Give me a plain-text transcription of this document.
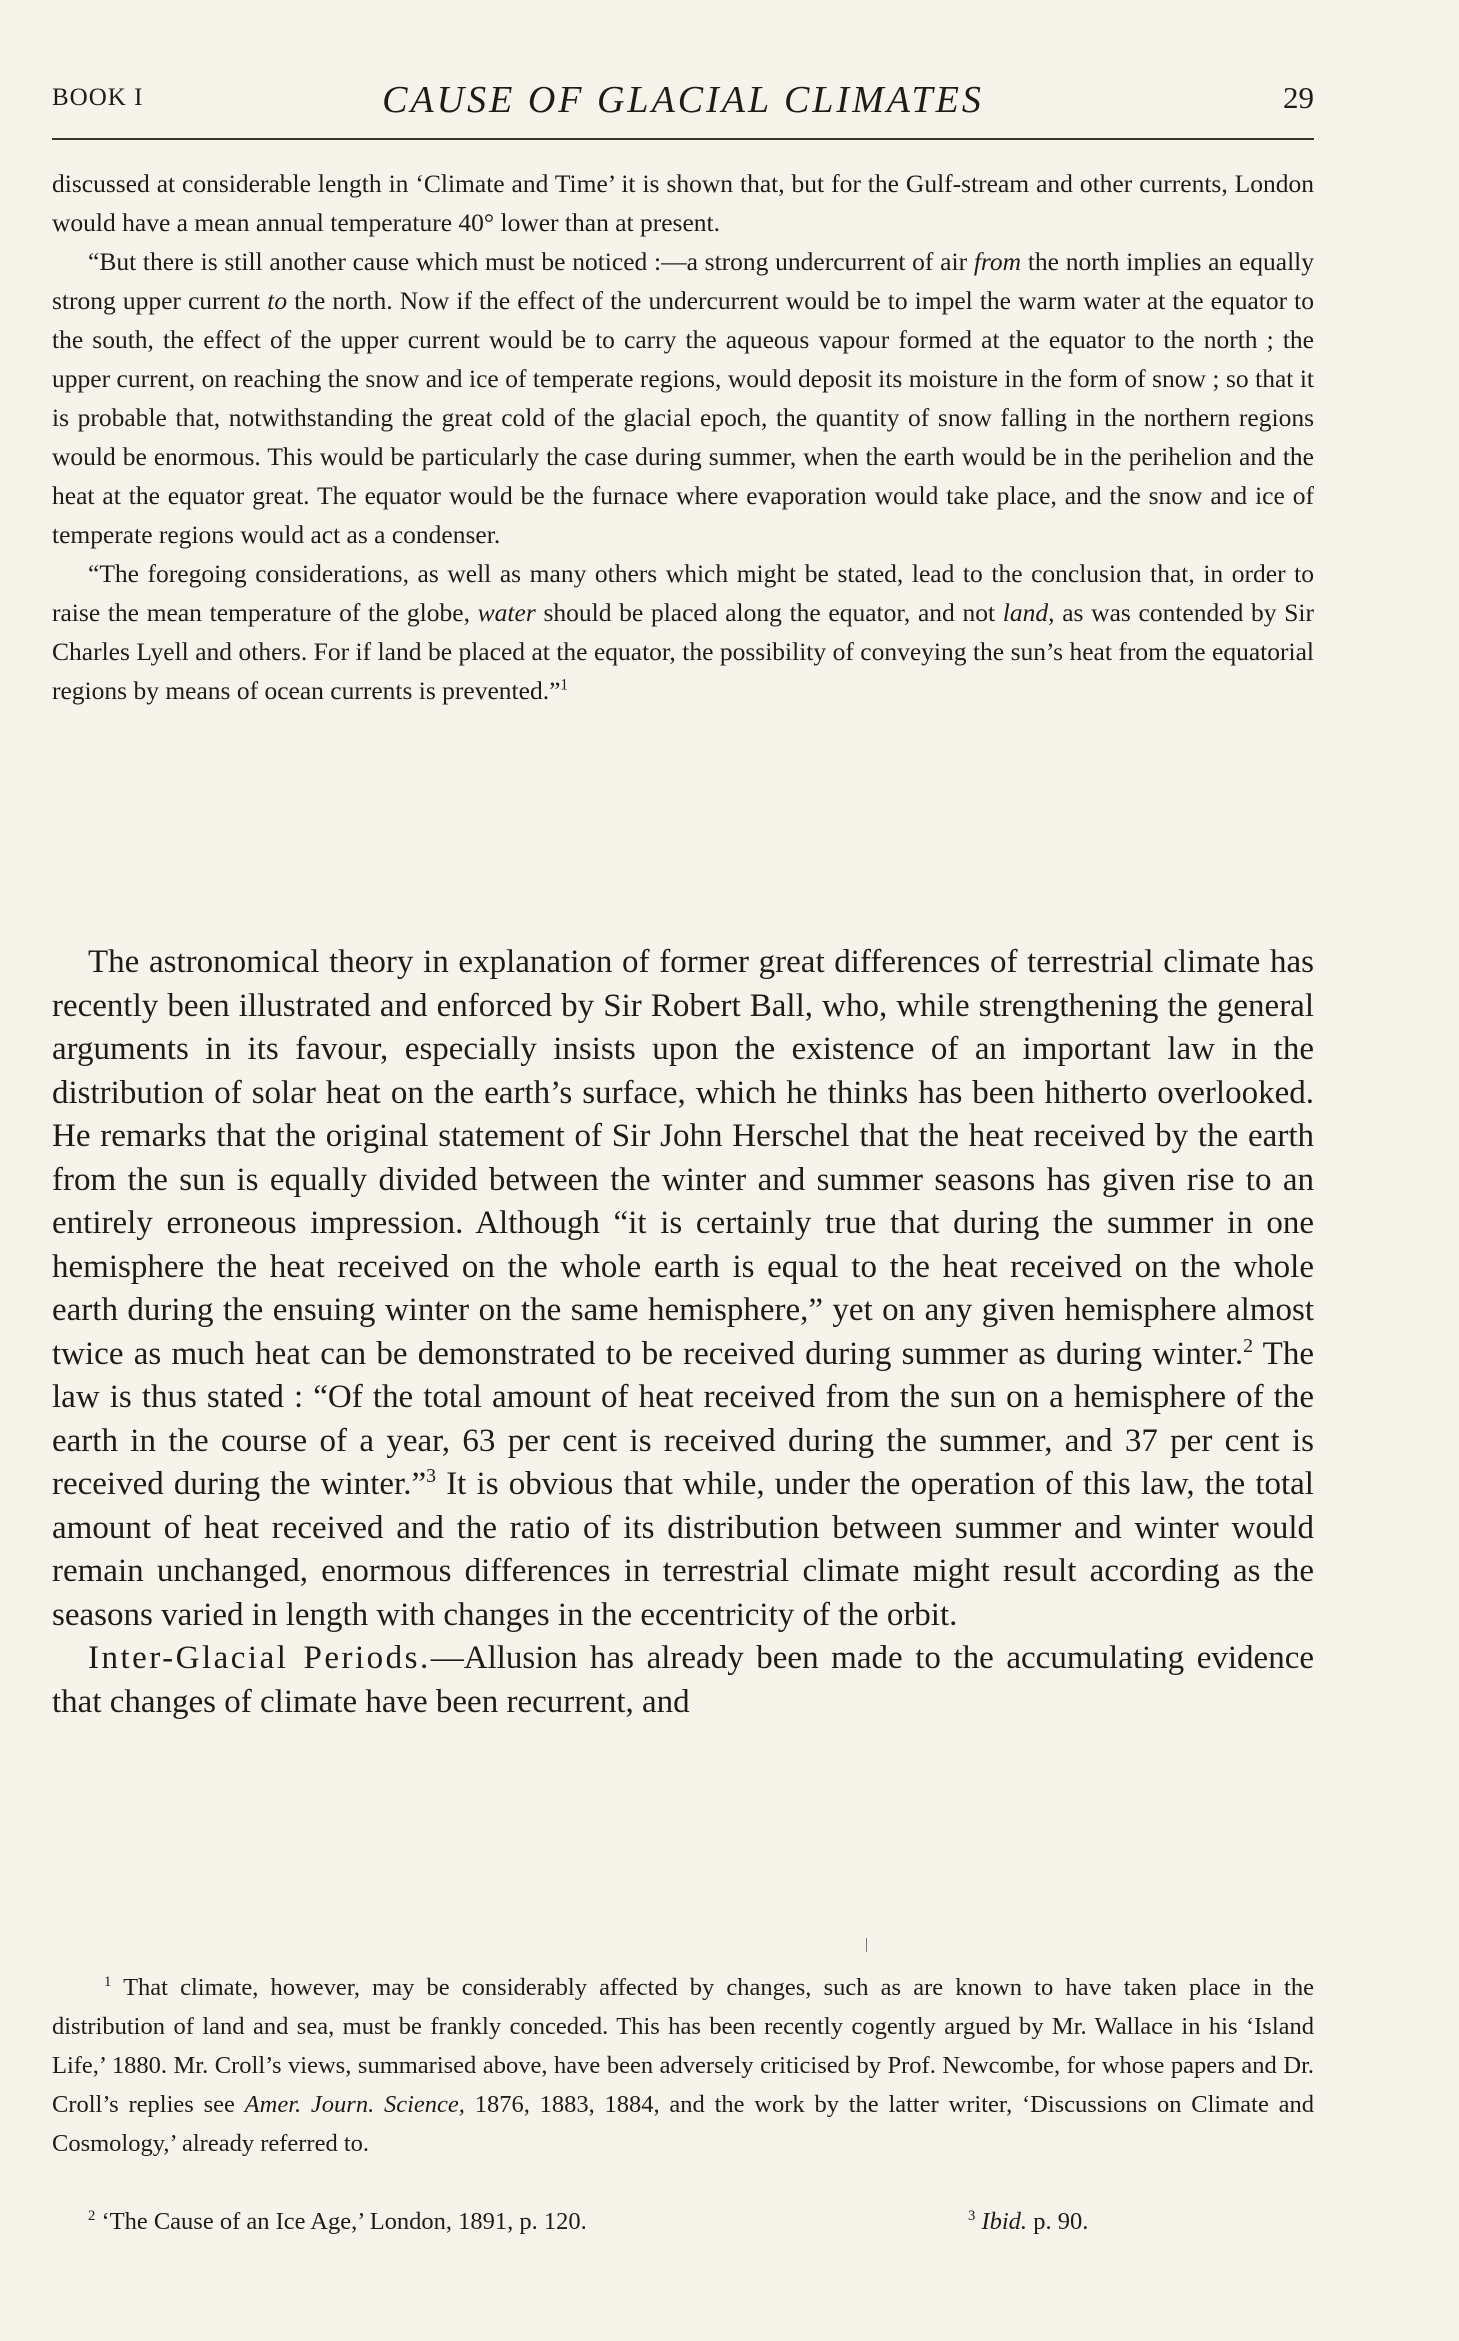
BOOK I	CAUSE OF GLACIAL CLIMATES	29

discussed at considerable length in ‘Climate and Time’ it is shown that, but for the Gulf-stream and other currents, London would have a mean annual temperature 40° lower than at present.

“But there is still another cause which must be noticed :—a strong undercurrent of air from the north implies an equally strong upper current to the north. Now if the effect of the undercurrent would be to impel the warm water at the equator to the south, the effect of the upper current would be to carry the aqueous vapour formed at the equator to the north ; the upper current, on reaching the snow and ice of temperate regions, would deposit its moisture in the form of snow ; so that it is probable that, notwithstanding the great cold of the glacial epoch, the quantity of snow falling in the northern regions would be enormous. This would be particularly the case during summer, when the earth would be in the perihelion and the heat at the equator great. The equator would be the furnace where evaporation would take place, and the snow and ice of temperate regions would act as a condenser.

“The foregoing considerations, as well as many others which might be stated, lead to the conclusion that, in order to raise the mean temperature of the globe, water should be placed along the equator, and not land, as was contended by Sir Charles Lyell and others. For if land be placed at the equator, the possibility of conveying the sun’s heat from the equatorial regions by means of ocean currents is prevented.”$^1$

The astronomical theory in explanation of former great differences of terrestrial climate has recently been illustrated and enforced by Sir Robert Ball, who, while strengthening the general arguments in its favour, especially insists upon the existence of an important law in the distribution of solar heat on the earth’s surface, which he thinks has been hitherto overlooked. He remarks that the original statement of Sir John Herschel that the heat received by the earth from the sun is equally divided between the winter and summer seasons has given rise to an entirely erroneous impression. Although “it is certainly true that during the summer in one hemisphere the heat received on the whole earth is equal to the heat received on the whole earth during the ensuing winter on the same hemisphere,” yet on any given hemisphere almost twice as much heat can be demonstrated to be received during summer as during winter.$^2$ The law is thus stated : “Of the total amount of heat received from the sun on a hemisphere of the earth in the course of a year, 63 per cent is received during the summer, and 37 per cent is received during the winter.”$^3$ It is obvious that while, under the operation of this law, the total amount of heat received and the ratio of its distribution between summer and winter would remain unchanged, enormous differences in terrestrial climate might result according as the seasons varied in length with changes in the eccentricity of the orbit.

Inter-Glacial Periods.—Allusion has already been made to the accumulating evidence that changes of climate have been recurrent, and

$^1$ That climate, however, may be considerably affected by changes, such as are known to have taken place in the distribution of land and sea, must be frankly conceded. This has been recently cogently argued by Mr. Wallace in his ‘Island Life,’ 1880. Mr. Croll’s views, summarised above, have been adversely criticised by Prof. Newcombe, for whose papers and Dr. Croll’s replies see Amer. Journ. Science, 1876, 1883, 1884, and the work by the latter writer, ‘Discussions on Climate and Cosmology,’ already referred to.

$^2$ ‘The Cause of an Ice Age,’ London, 1891, p. 120.	$^3$ Ibid. p. 90.
